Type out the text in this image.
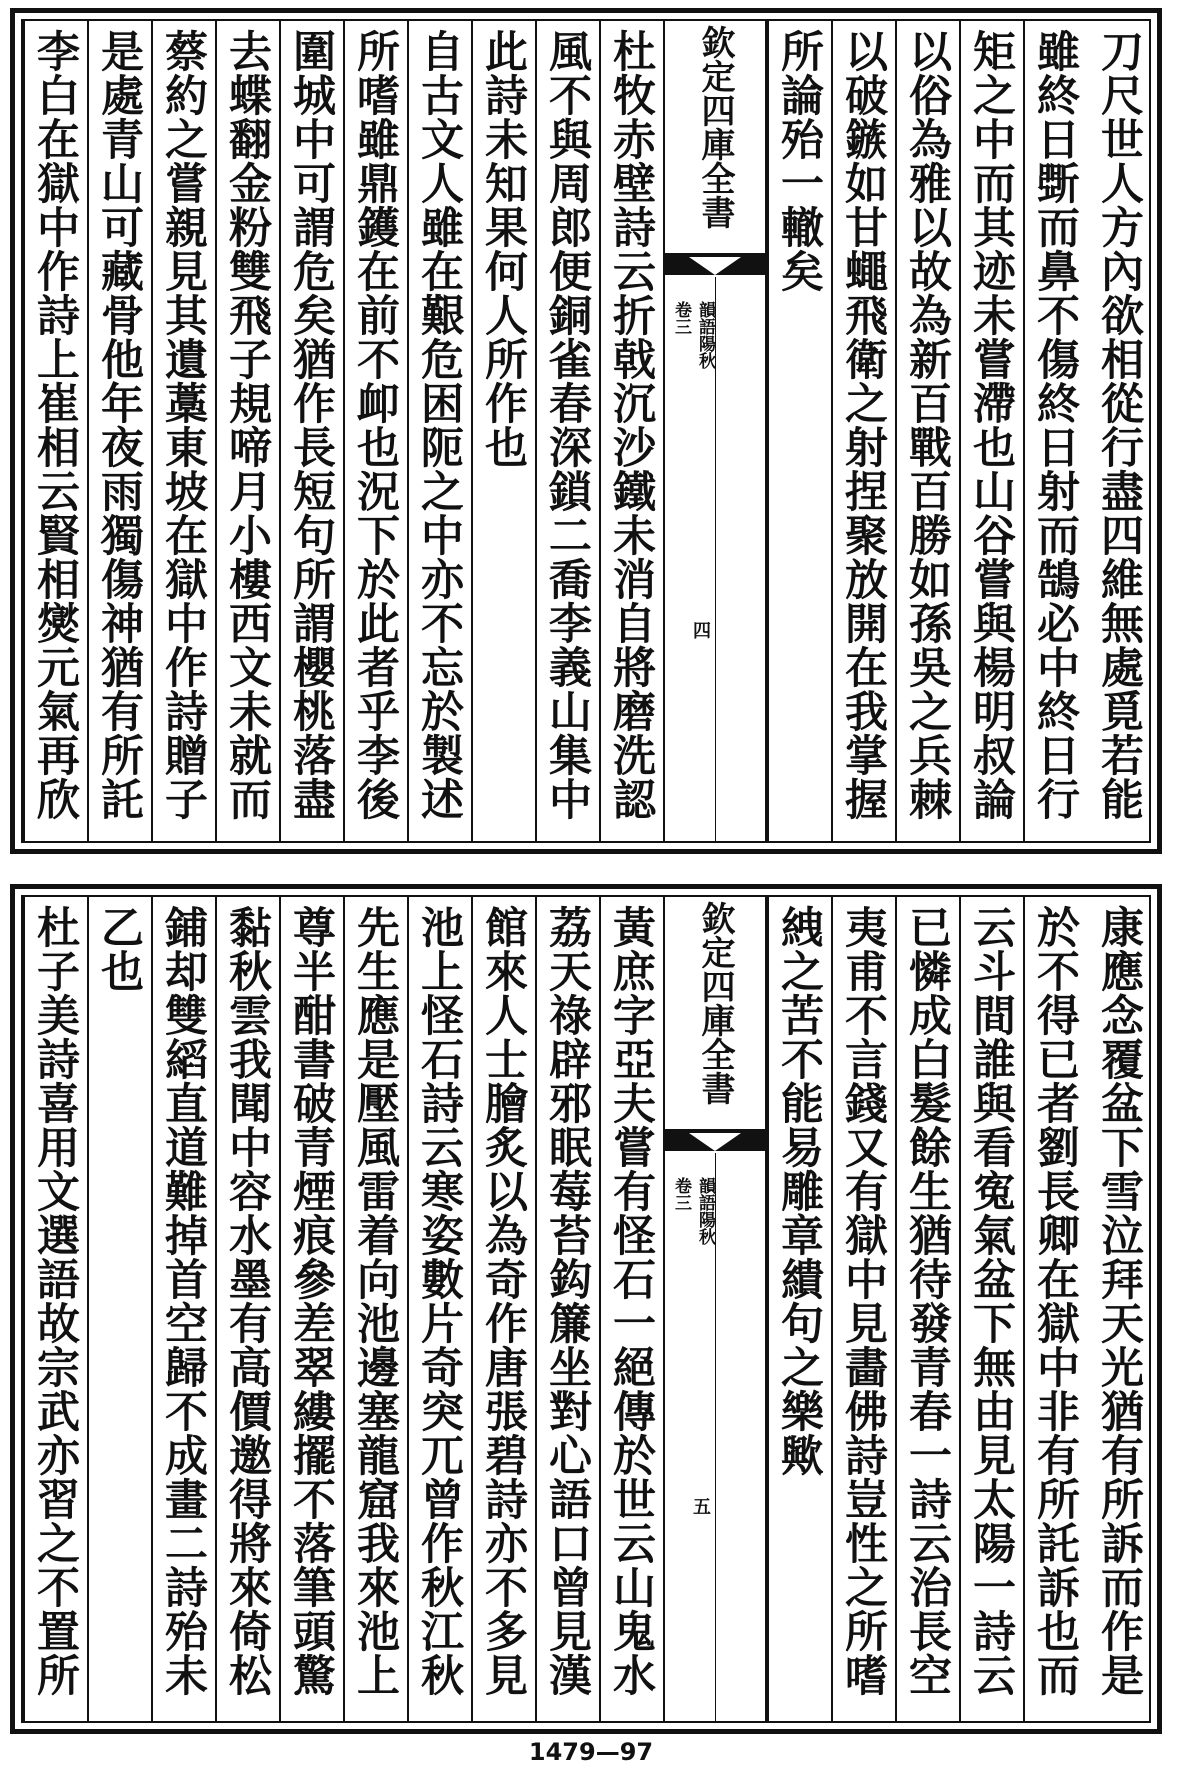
刀尺世人方內欲相從行盡四維無處覓若能
雖終日斲而鼻不傷終日射而鵠必中終日行
矩之中而其迹未嘗滯也山谷嘗與楊明叔論
以俗為雅以故為新百戰百勝如孫吳之兵棘
以破鏃如甘蠅飛衛之射捏聚放開在我掌握
所論殆一轍矣
欽定四庫全書
韻語陽秋
卷三
四
杜牧赤壁詩云折戟沉沙鐵未消自將磨洗認
風不與周郎便銅雀春深鎖二喬李義山集中
此詩未知果何人所作也
自古文人雖在艱危困阨之中亦不忘於製述
所嗜雖鼎鑊在前不卹也況下於此者乎李後
圍城中可謂危矣猶作長短句所謂櫻桃落盡
去蝶翻金粉雙飛子規啼月小樓西文未就而
蔡約之嘗親見其遺藁東坡在獄中作詩贈子
是處青山可藏骨他年夜雨獨傷神猶有所託
李白在獄中作詩上崔相云賢相爕元氣再欣
康應念覆盆下雪泣拜天光猶有所訴而作是
於不得已者劉長卿在獄中非有所託訴也而
云斗間誰與看寃氣盆下無由見太陽一詩云
已憐成白髮餘生猶待發青春一詩云治長空
夷甫不言錢又有獄中見畵佛詩豈性之所嗜
絏之苦不能易雕章繢句之樂歟
欽定四庫全書
韻語陽秋
卷三
五
黃庶字亞夫嘗有怪石一絕傳於世云山鬼水
荔天祿辟邪眠莓苔鈎簾坐對心語口曾見漢
館來人士膾炙以為奇作唐張碧詩亦不多見
池上怪石詩云寒姿數片奇突兀曾作秋江秋
先生應是壓風雷着向池邊塞龍窟我來池上
尊半酣書破青煙痕參差翠縷擺不落筆頭驚
黏秋雲我聞中容水墨有高價邀得將來倚松
鋪却雙縚直道難掉首空歸不成畫二詩殆未
乙也
杜子美詩喜用文選語故宗武亦習之不置所
1479—97
